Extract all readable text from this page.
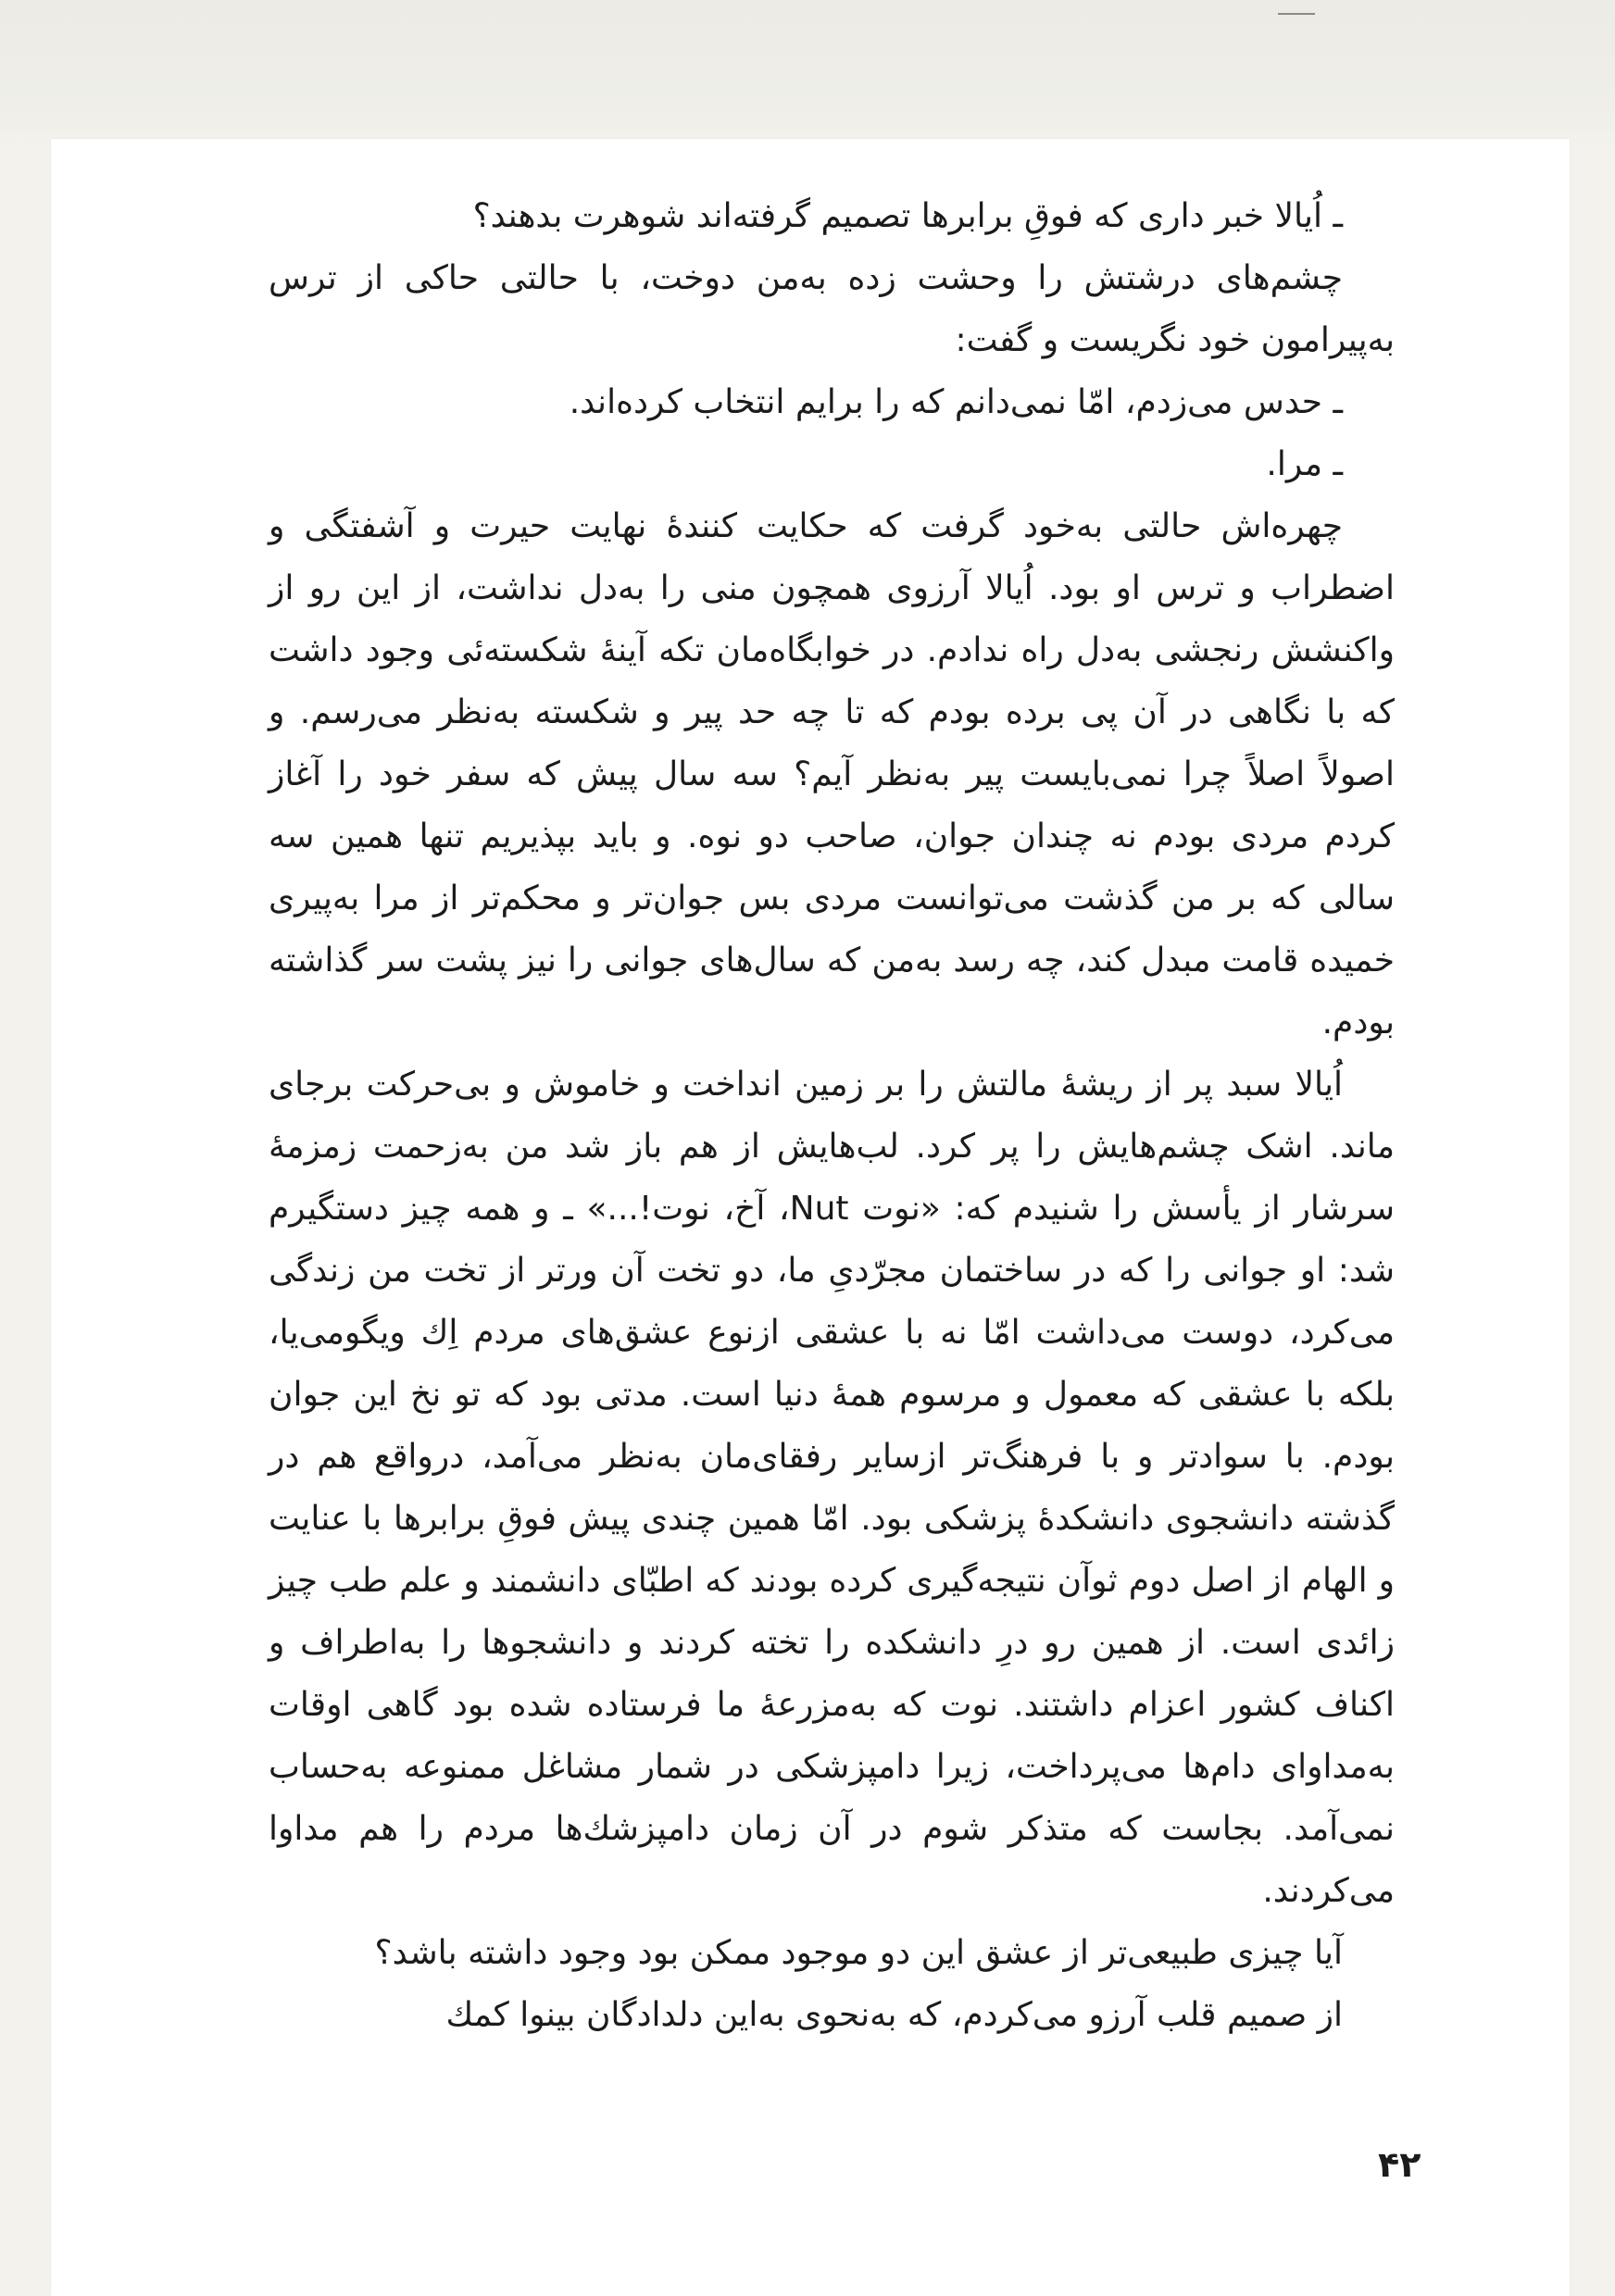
ـ اُیالا خبر داری که فوقِ برابرها تصمیم گرفته‌اند شوهرت بدهند؟

چشم‌های درشتش را وحشت زده به‌من دوخت، با حالتی حاکی از ترس به‌پیرامون خود نگریست و گفت:

ـ حدس می‌زدم، امّا نمی‌دانم که را برایم انتخاب کرده‌اند.

ـ مرا.

چهره‌اش حالتی به‌خود گرفت که حکایت کنندهٔ نهایت حیرت و آشفتگی و اضطراب و ترس او بود. اُیالا آرزوی همچون منی را به‌دل نداشت، از این رو از واکنشش رنجشی به‌دل راه ندادم. در خوابگاه‌مان تکه آینهٔ شکسته‌ئی وجود داشت که با نگاهی در آن پی برده بودم که تا چه حد پیر و شکسته به‌نظر می‌رسم. و اصولاً اصلاً چرا نمی‌بایست پیر به‌نظر آیم؟ سه سال پیش که سفر خود را آغاز کردم مردی بودم نه چندان جوان، صاحب دو نوه. و باید بپذیریم تنها همین سه سالی که بر من گذشت می‌توانست مردی بس جوان‌تر و محکم‌تر از مرا به‌پیری خمیده قامت مبدل کند، چه رسد به‌من که سال‌های جوانی را نیز پشت سر گذاشته بودم.

اُیالا سبد پر از ریشهٔ مالتش را بر زمین انداخت و خاموش و بی‌حرکت برجای ماند. اشک چشم‌هایش را پر کرد. لب‌هایش از هم باز شد من به‌زحمت زمزمهٔ سرشار از یأسش را شنیدم که: «نوت Nut، آخ، نوت!...» ـ و همه چیز دستگیرم شد: او جوانی را که در ساختمان مجرّدیِ ما، دو تخت آن ورتر از تخت من زندگی می‌کرد، دوست می‌داشت امّا نه با عشقی ازنوع عشق‌های مردم اِك ویگومی‌یا، بلکه با عشقی که معمول و مرسوم همهٔ دنیا است. مدتی بود که تو نخ این جوان بودم. با سوادتر و با فرهنگ‌تر ازسایر رفقای‌مان به‌نظر می‌آمد، درواقع هم در گذشته دانشجوی دانشکدهٔ پزشکی بود. امّا همین چندی پیش فوقِ برابرها با عنایت و الهام از اصل دوم ثوآن نتیجه‌گیری کرده بودند که اطبّای دانشمند و علم طب چیز زائدی است. از همین رو درِ دانشکده را تخته کردند و دانشجوها را به‌اطراف و اکناف کشور اعزام داشتند. نوت که به‌مزرعهٔ ما فرستاده شده بود گاهی اوقات به‌مداوای دام‌ها می‌پرداخت، زیرا دامپزشکی در شمار مشاغل ممنوعه به‌حساب نمی‌آمد. بجاست که متذکر شوم در آن زمان دامپزشك‌ها مردم را هم مداوا می‌کردند.

آیا چیزی طبیعی‌تر از عشق این دو موجود ممکن بود وجود داشته باشد؟

از صمیم قلب آرزو می‌کردم، که به‌نحوی به‌این دلدادگان بینوا کمك

۴۲
